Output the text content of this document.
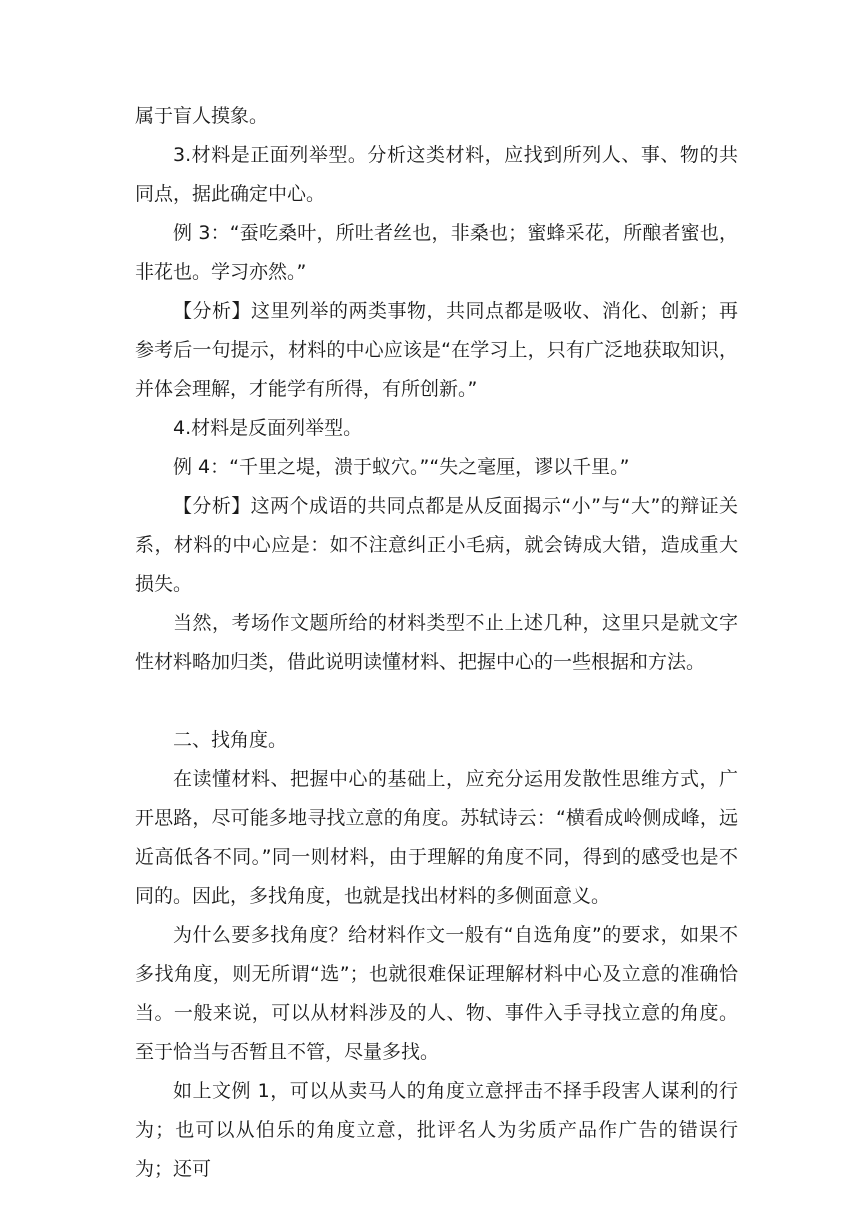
属于盲人摸象。

3.材料是正面列举型。分析这类材料，应找到所列人、事、物的共同点，据此确定中心。

例 3：“蚕吃桑叶，所吐者丝也，非桑也；蜜蜂采花，所酿者蜜也，非花也。学习亦然。”

【分析】这里列举的两类事物，共同点都是吸收、消化、创新；再参考后一句提示，材料的中心应该是“在学习上，只有广泛地获取知识，并体会理解，才能学有所得，有所创新。”

4.材料是反面列举型。

例 4：“千里之堤，溃于蚁穴。”“失之毫厘，谬以千里。”

【分析】这两个成语的共同点都是从反面揭示“小”与“大”的辩证关系，材料的中心应是：如不注意纠正小毛病，就会铸成大错，造成重大损失。

当然，考场作文题所给的材料类型不止上述几种，这里只是就文字性材料略加归类，借此说明读懂材料、把握中心的一些根据和方法。

二、找角度。

在读懂材料、把握中心的基础上，应充分运用发散性思维方式，广开思路，尽可能多地寻找立意的角度。苏轼诗云：“横看成岭侧成峰，远近高低各不同。”同一则材料，由于理解的角度不同，得到的感受也是不同的。因此，多找角度，也就是找出材料的多侧面意义。

为什么要多找角度？给材料作文一般有“自选角度”的要求，如果不多找角度，则无所谓“选”；也就很难保证理解材料中心及立意的准确恰当。一般来说，可以从材料涉及的人、物、事件入手寻找立意的角度。至于恰当与否暂且不管，尽量多找。

如上文例 1，可以从卖马人的角度立意抨击不择手段害人谋利的行为；也可以从伯乐的角度立意，批评名人为劣质产品作广告的错误行为；还可
